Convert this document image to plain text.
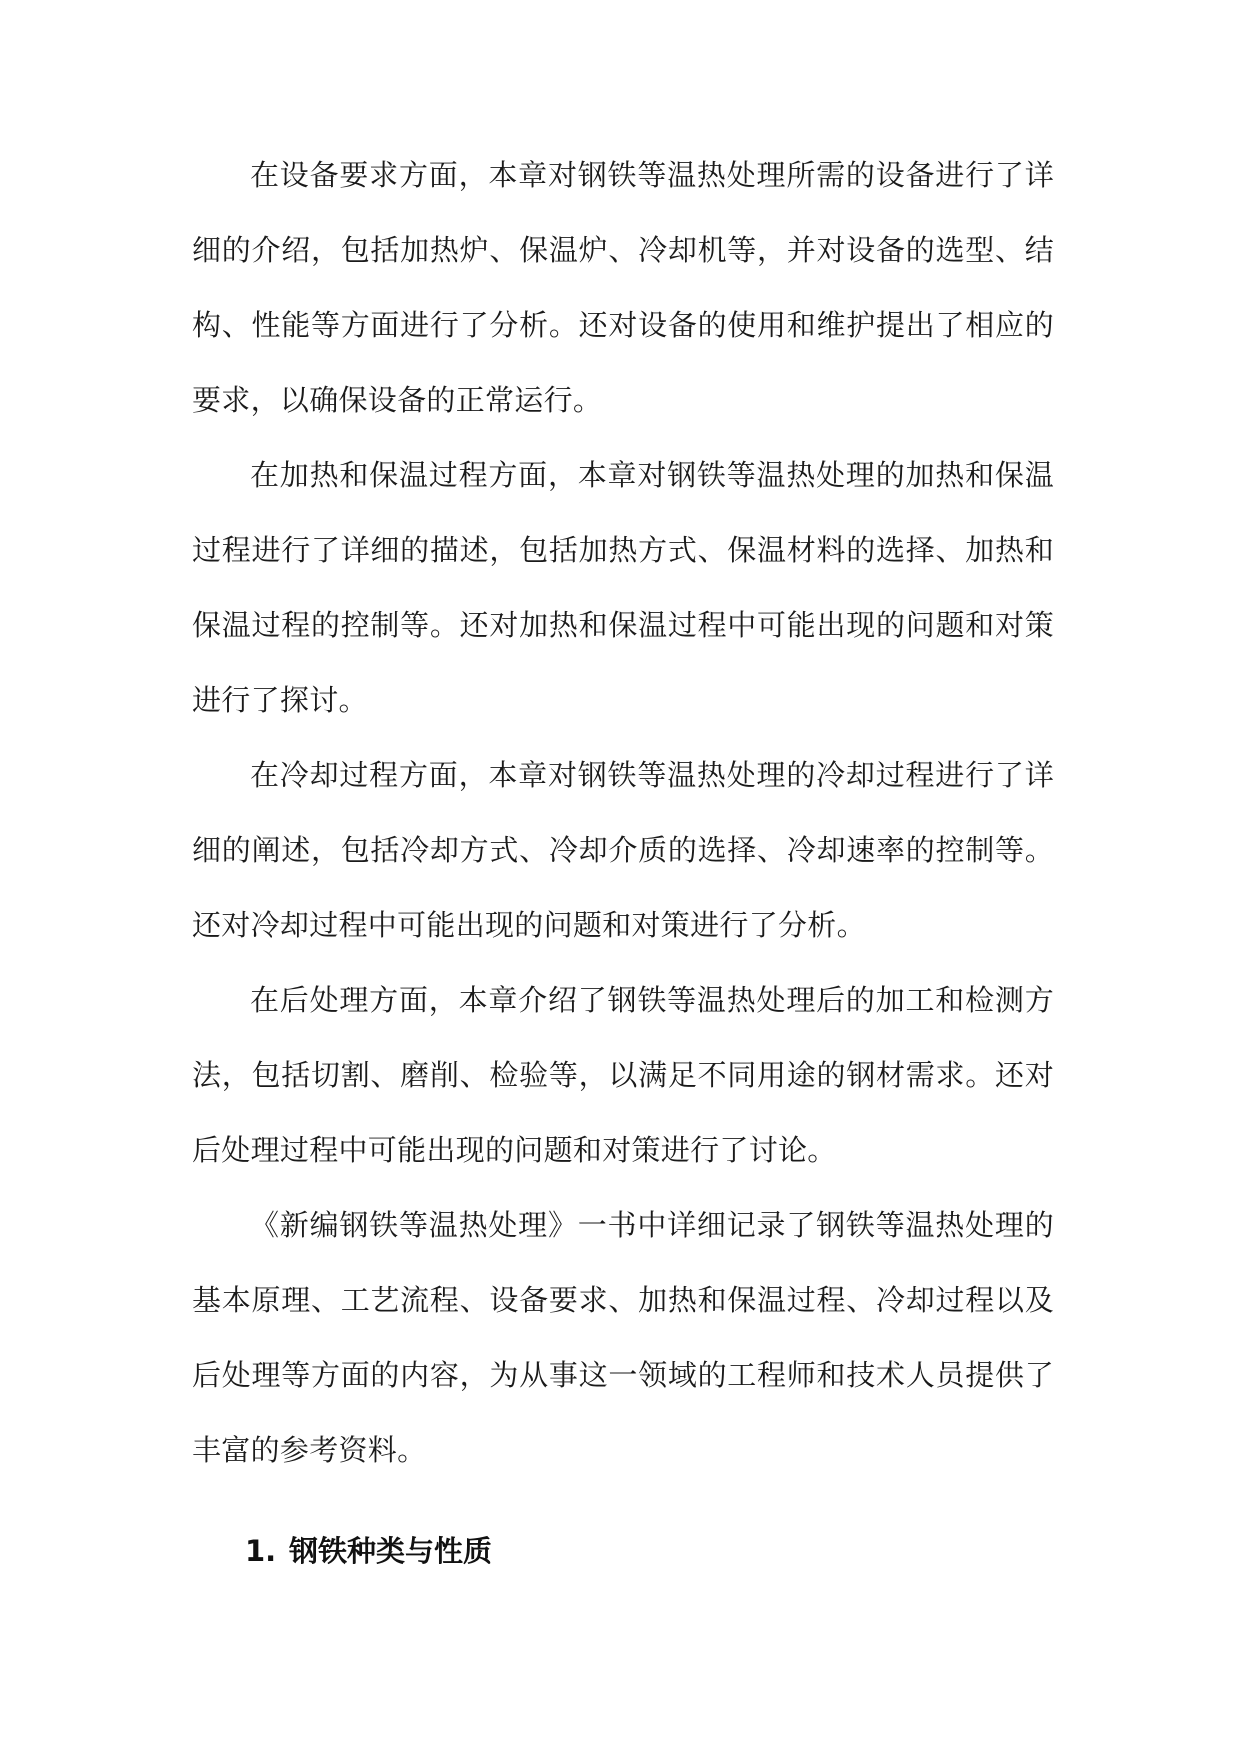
在设备要求方面，本章对钢铁等温热处理所需的设备进行了详细的介绍，包括加热炉、保温炉、冷却机等，并对设备的选型、结构、性能等方面进行了分析。还对设备的使用和维护提出了相应的要求，以确保设备的正常运行。

在加热和保温过程方面，本章对钢铁等温热处理的加热和保温过程进行了详细的描述，包括加热方式、保温材料的选择、加热和保温过程的控制等。还对加热和保温过程中可能出现的问题和对策进行了探讨。

在冷却过程方面，本章对钢铁等温热处理的冷却过程进行了详细的阐述，包括冷却方式、冷却介质的选择、冷却速率的控制等。还对冷却过程中可能出现的问题和对策进行了分析。

在后处理方面，本章介绍了钢铁等温热处理后的加工和检测方法，包括切割、磨削、检验等，以满足不同用途的钢材需求。还对后处理过程中可能出现的问题和对策进行了讨论。

《新编钢铁等温热处理》一书中详细记录了钢铁等温热处理的基本原理、工艺流程、设备要求、加热和保温过程、冷却过程以及后处理等方面的内容，为从事这一领域的工程师和技术人员提供了丰富的参考资料。

1. 钢铁种类与性质
